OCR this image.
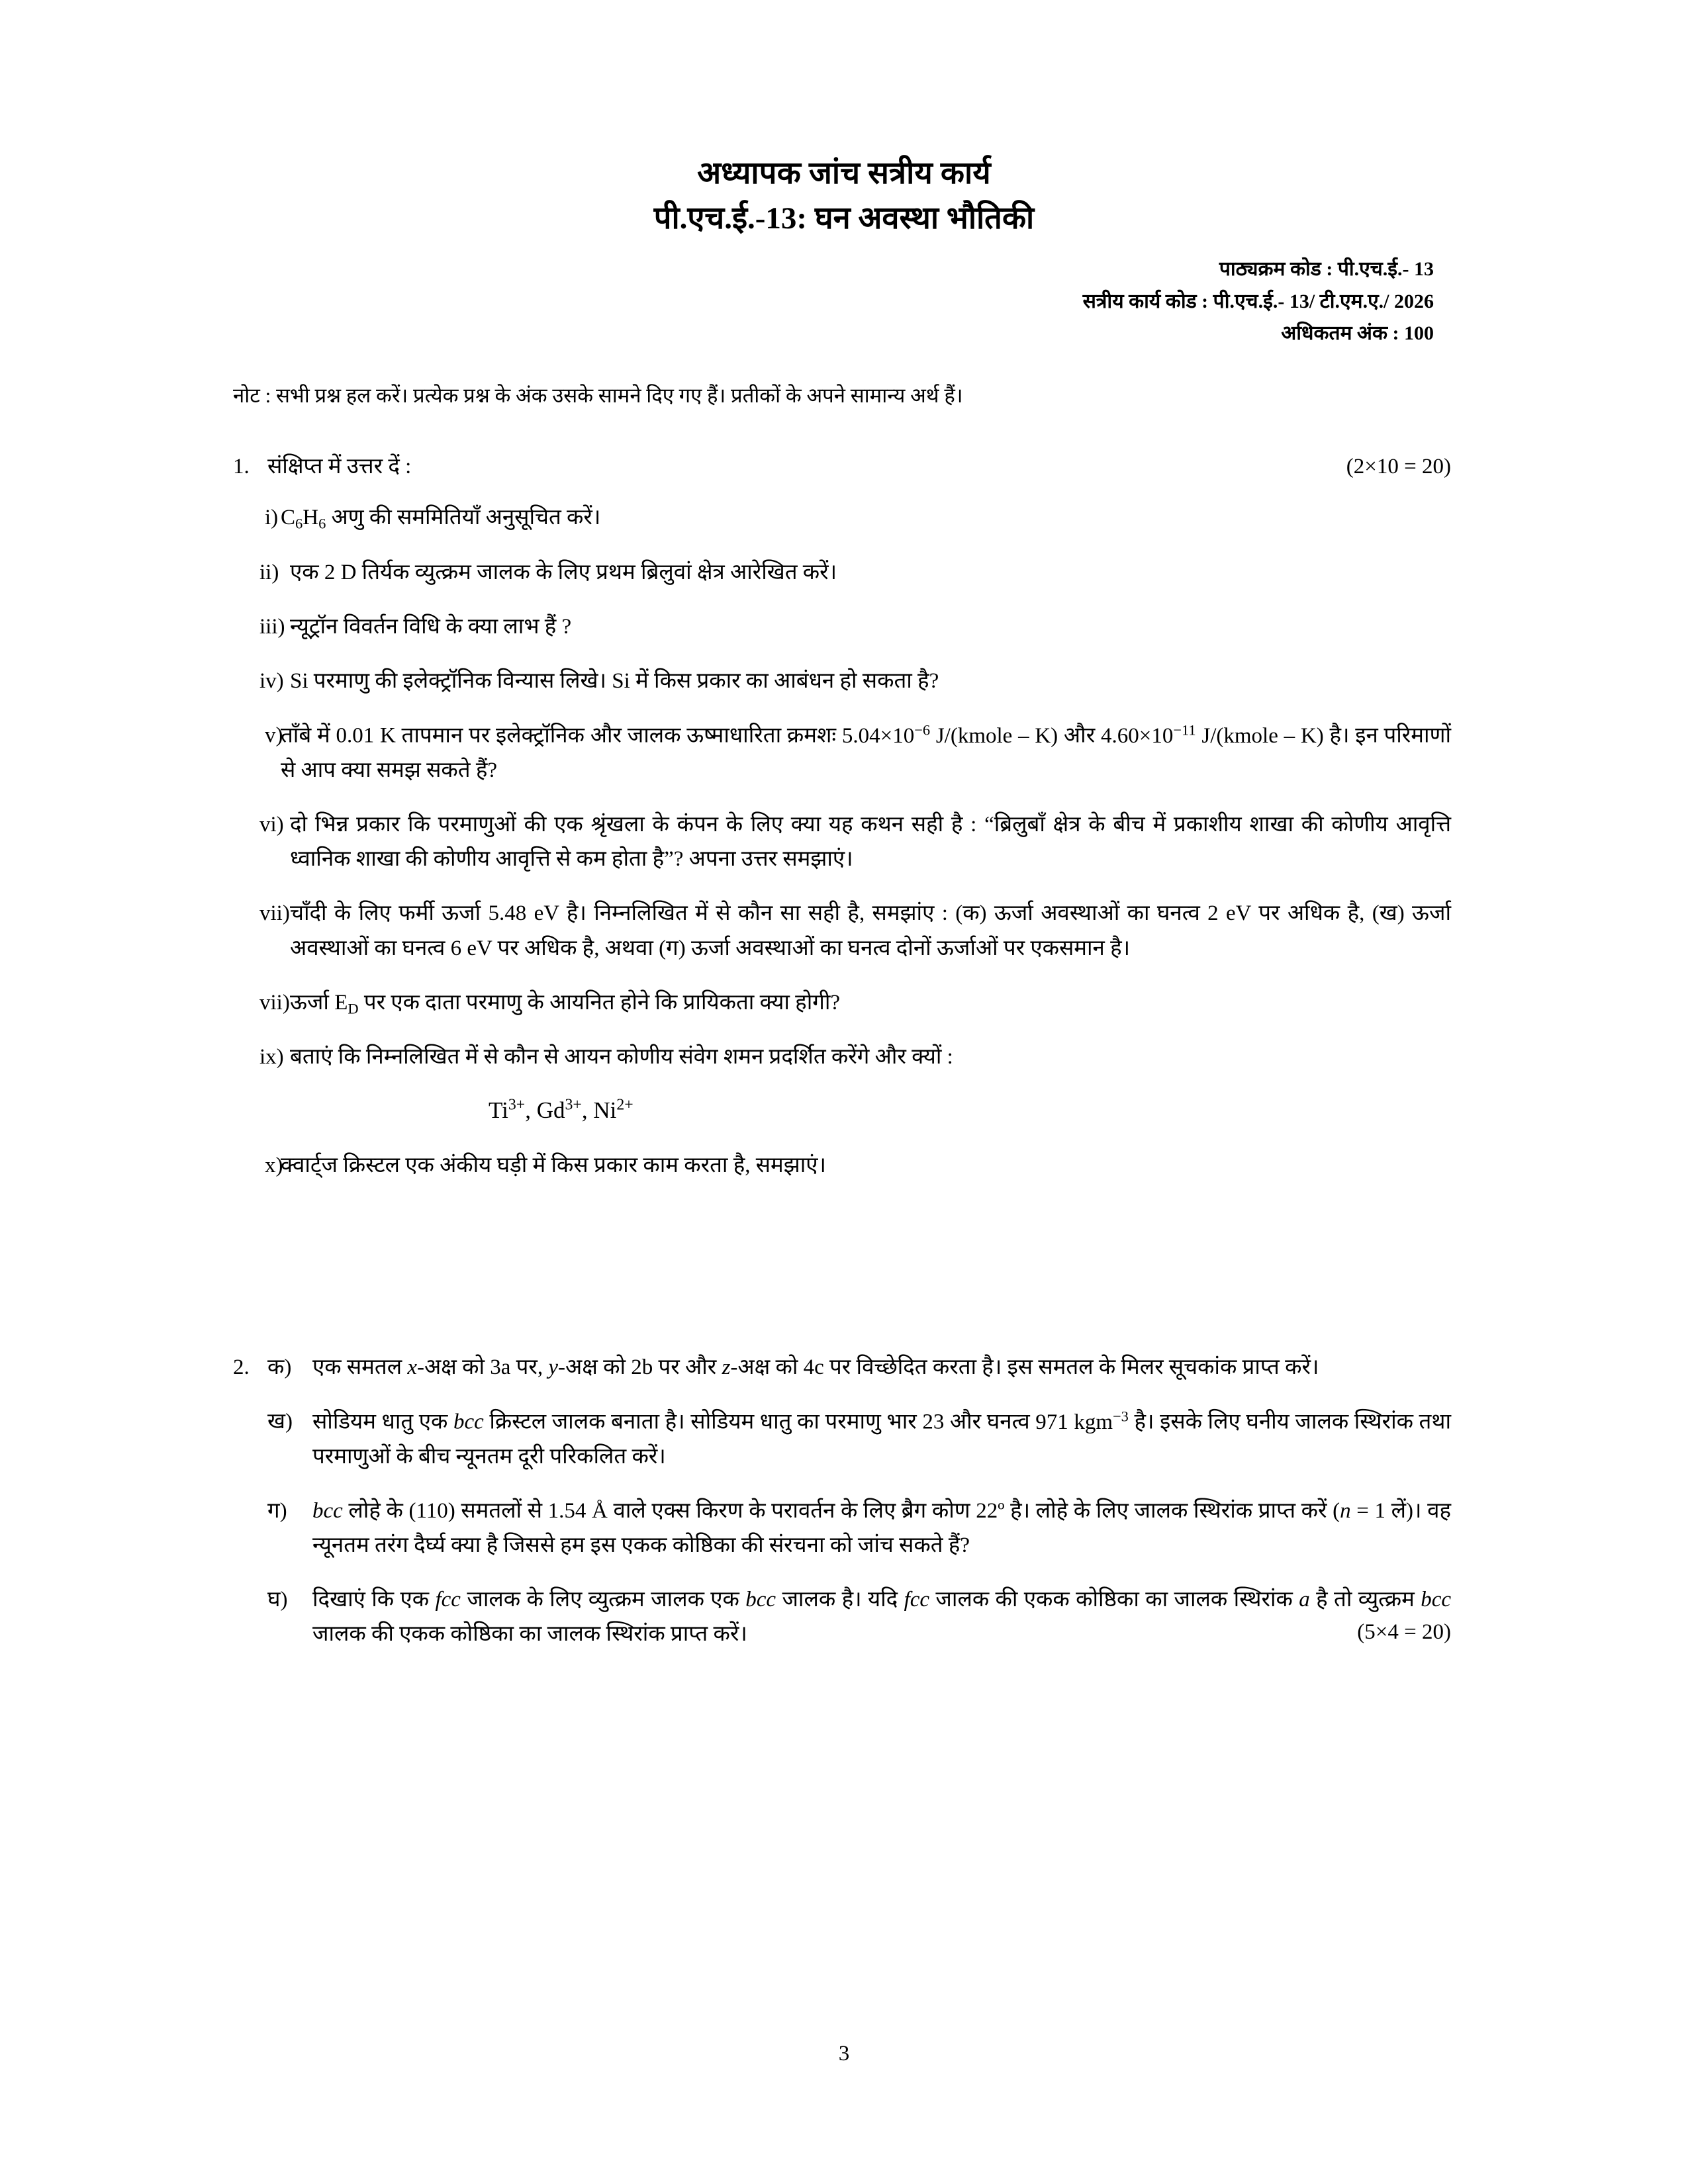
अध्यापक जांच सत्रीय कार्य
पी.एच.ई.-13: घन अवस्था भौतिकी
पाठ्यक्रम कोड : पी.एच.ई.- 13
सत्रीय कार्य कोड : पी.एच.ई.- 13/ टी.एम.ए./ 2026
अधिकतम अंक : 100
नोट : सभी प्रश्न हल करें। प्रत्येक प्रश्न के अंक उसके सामने दिए गए हैं। प्रतीकों के अपने सामान्य अर्थ हैं।
1. संक्षिप्त में उत्तर दें :	(2×10 = 20)
i) $C_6H_6$ अणु की सममितियाँ अनुसूचित करें।

ii) एक 2 D तिर्यक व्युत्क्रम जालक के लिए प्रथम ब्रिलुवां क्षेत्र आरेखित करें।

iii) न्यूट्रॉन विवर्तन विधि के क्या लाभ हैं ?

iv) Si परमाणु की इलेक्ट्रॉनिक विन्यास लिखे। Si में किस प्रकार का आबंधन हो सकता है?

v)

ताँबे में 0.01 K तापमान पर इलेक्ट्रॉनिक और जालक ऊष्माधारिता क्रमशः $5.04\times 10^{-6}$ J/(kmole – K) और $4.60\times 10^{-11}$ J/(kmole – K) है। इन परिमाणों से आप क्या समझ सकते हैं?

vi) दो भिन्न प्रकार कि परमाणुओं की एक श्रृंखला के कंपन के लिए क्या यह कथन सही है : “ब्रिलुबाँ क्षेत्र के बीच में प्रकाशीय शाखा की कोणीय आवृत्ति ध्वानिक शाखा की कोणीय आवृत्ति से कम होता है”? अपना उत्तर समझाएं।

vii) चाँदी के लिए फर्मी ऊर्जा 5.48 eV है। निम्नलिखित में से कौन सा सही है, समझांए : (क) ऊर्जा अवस्थाओं का घनत्व 2 eV पर अधिक है, (ख) ऊर्जा अवस्थाओं का घनत्व 6 eV पर अधिक है, अथवा (ग) ऊर्जा अवस्थाओं का घनत्व दोनों ऊर्जाओं पर एकसमान है।

vii) ऊर्जा $E_D$ पर एक दाता परमाणु के आयनित होने कि प्रायिकता क्या होगी?

ix) बताएं कि निम्नलिखित में से कौन से आयन कोणीय संवेग शमन प्रदर्शित करेंगे और क्यों :

$Ti^{3+}$, $Gd^{3+}$, $Ni^{2+}$
x)

क्वार्ट्ज क्रिस्टल एक अंकीय घड़ी में किस प्रकार काम करता है, समझाएं।

2. क) एक समतल x-अक्ष को 3a पर, y-अक्ष को 2b पर और z-अक्ष को 4c पर विच्छेदित करता है। इस समतल के मिलर सूचकांक प्राप्त करें।

ख) सोडियम धातु एक bcc क्रिस्टल जालक बनाता है। सोडियम धातु का परमाणु भार 23 और घनत्व 971 kgm$^{-3}$ है। इसके लिए घनीय जालक स्थिरांक तथा परमाणुओं के बीच न्यूनतम दूरी परिकलित करें।

ग)	bcc लोहे के (110) समतलों से 1.54 Å वाले एक्स किरण के परावर्तन के लिए ब्रैग कोण 22º है। लोहे के लिए जालक स्थिरांक प्राप्त करें (n = 1 लें)। वह न्यूनतम तरंग दैर्घ्य क्या है जिससे हम इस एकक कोष्ठिका की संरचना को जांच सकते हैं?

घ)	दिखाएं कि एक fcc जालक के लिए व्युत्क्रम जालक एक bcc जालक है। यदि fcc जालक की एकक कोष्ठिका का जालक स्थिरांक a है तो व्युत्क्रम bcc जालक की एकक कोष्ठिका का जालक स्थिरांक प्राप्त करें।	(5×4 = 20)
3
